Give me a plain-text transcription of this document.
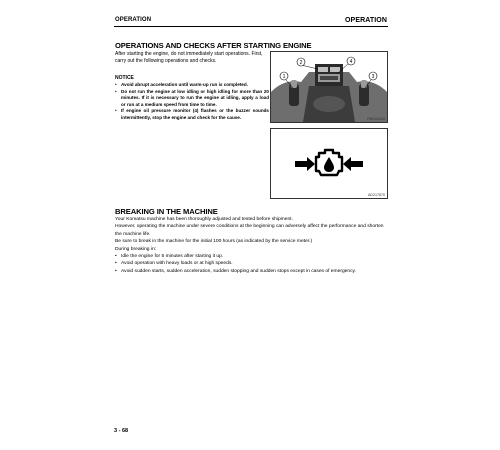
OPERATION	OPERATION
OPERATIONS AND CHECKS AFTER STARTING ENGINE

After starting the engine, do not immediately start operations. First,

carry out the following operations and checks.

NOTICE
• Avoid abrupt acceleration until warm-up run is completed.
• Do not run the engine at low idling or high idling for more than 20 minutes. If it is necessary to run the engine at idling, apply a load or run at a medium speed from time to time.
• If engine oil pressure monitor (4) flashes or the buzzer sounds intermittently, stop the engine and check for the cause.
2	4
1	3
RKD14410
AD217670
BREAKING IN THE MACHINE

Your Komatsu machine has been thoroughly adjusted and tested before shipment.

However, operating the machine under severe conditions at the beginning can adversely affect the performance and shorten the machine life.

Be sure to break in the machine for the initial 100 hours (as indicated by the service meter.)

During breaking in:

• Idle the engine for 5 minutes after starting it up.
• Avoid operation with heavy loads or at high speeds.
• Avoid sudden starts, sudden acceleration, sudden stopping and sudden stops except in cases of emergency.
3 - 68
